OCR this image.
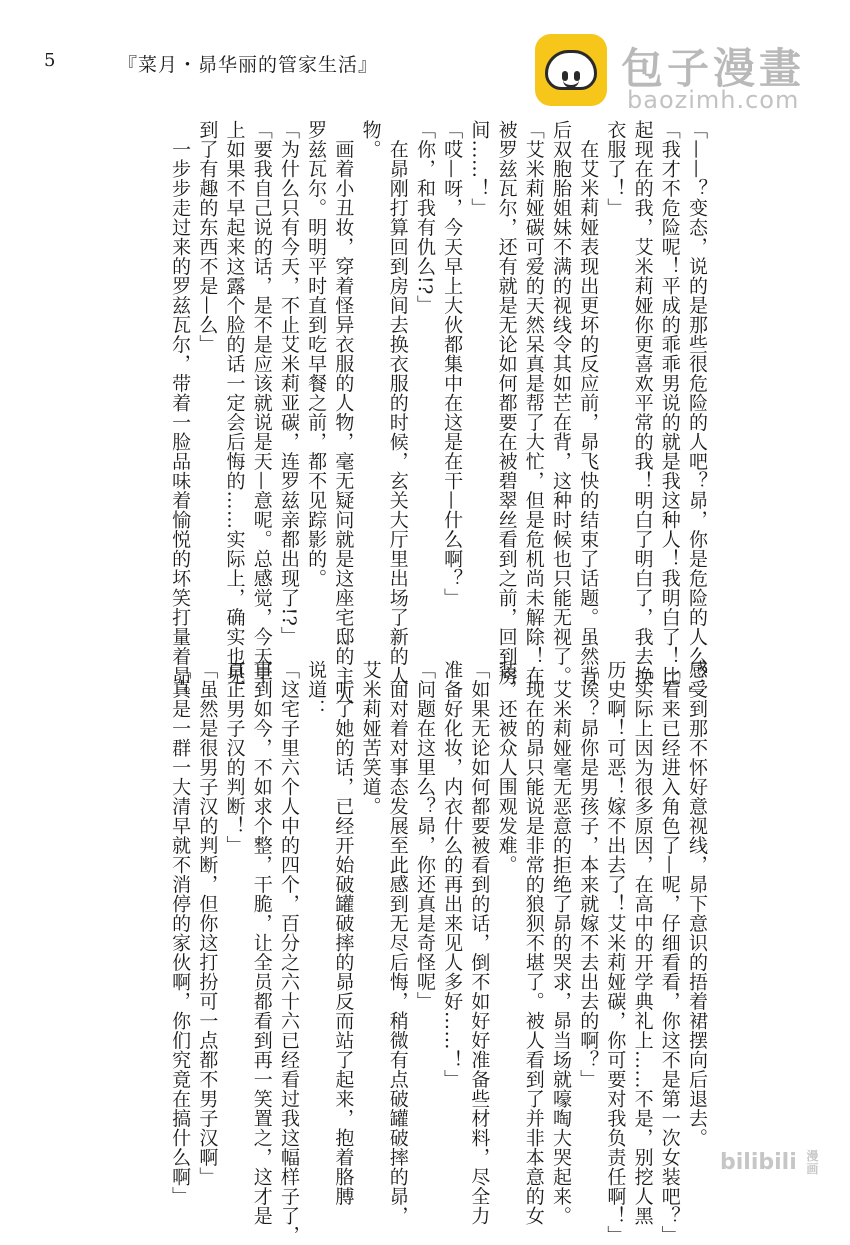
5	『菜月・昴华丽的管家生活』	包子漫畫
baozimh.com

「——？变态，说的是那些很危险的人吧？昴，你是危险的人么？」

「我才不危险呢！平成的乖乖男说的就是我这种人！我明白了！比

起现在的我，艾米莉娅你更喜欢平常的我！明白了明白了，我去换

衣服了！」

　在艾米莉娅表现出更坏的反应前，昴飞快的结束了话题。虽然背

后双胞胎姐妹不满的视线令其如芒在背，这种时候也只能无视了。

「艾米莉娅碳可爱的天然呆真是帮了大忙，但是危机尚未解除！在

被罗兹瓦尔，还有就是无论如何都要在被碧翠丝看到之前，回到房

间……！」

「哎—呀，今天早上大伙都集中在这是在干—什么啊？」

「你，和我有仇么!?」

　在昴刚打算回到房间去换衣服的时候，玄关大厅里出场了新的人

物。

　画着小丑妆，穿着怪异衣服的人物，毫无疑问就是这座宅邸的主人

罗兹瓦尔。明明平时直到吃早餐之前，都不见踪影的。

「为什么只有今天，不止艾米莉亚碳，连罗兹亲都出现了!?」

「要我自己说的话，是不是应该就说是天—意呢。总感觉，今天早

上如果不早起来这露个脸的话一定会后悔的……实际上，确实也见

到了有趣的东西不是—么」

　一步步走过来的罗兹瓦尔，带着一脸品味着愉悦的坏笑打量着昴。

感受到那不怀好意视线，昴下意识的捂着裙摆向后退去。

「看来已经进入角色了—呢，仔细看看，你这不是第一次女装吧？」

「实际上因为很多原因，在高中的开学典礼上……不是，别挖人黑

历史啊！可恶！嫁不出去了！艾米莉娅碳，你可要对我负责任啊！」

「诶？昴你是男孩子，本来就嫁不去出去的啊？」

　艾米莉娅毫无恶意的拒绝了昴的哭求，昴当场就嚎啕大哭起来。

　现在的昴只能说是非常的狼狈不堪了。被人看到了并非本意的女

装，还被众人围观发难。

「如果无论如何都要被看到的话，倒不如好好准备些材料，尽全力

准备好化妆，内衣什么的再出来见人多好……！」

「问题在这里么？昴，你还真是奇怪呢」

　面对着对事态发展至此感到无尽后悔，稍微有点破罐破摔的昴，

艾米莉娅苦笑道。

　听了她的话，已经开始破罐破摔的昴反而站了起来，抱着胳膊

说道：

「这宅子里六个人中的四个，百分之六十六已经看过我这幅样子了，

事到如今，不如求个整，干脆，让全员都看到再一笑置之，这才是

真正男子汉的判断！」

「虽然是很男子汉的判断，但你这打扮可一点都不男子汉啊」

「真是一群一大清早就不消停的家伙啊，你们究竟在搞什么啊」	bilibili 漫
画
